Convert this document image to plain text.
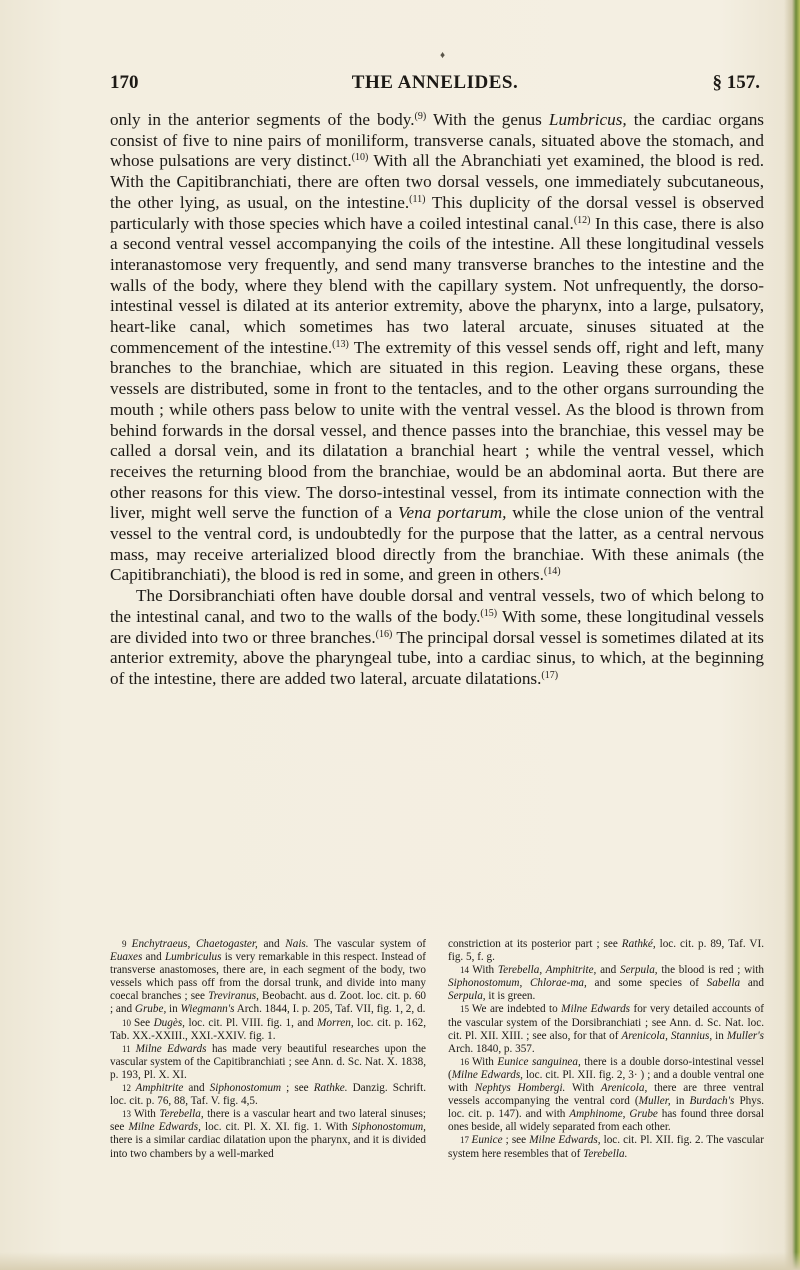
♦
170	THE ANNELIDES.	§ 157.

only in the anterior segments of the body.$^{(9)}$ With the genus Lumbricus, the cardiac organs consist of five to nine pairs of moniliform, transverse canals, situated above the stomach, and whose pulsations are very distinct.$^{(10)}$ With all the Abranchiati yet examined, the blood is red. With the Capitibranchiati, there are often two dorsal vessels, one immediately subcutaneous, the other lying, as usual, on the intestine.$^{(11)}$ This duplicity of the dorsal vessel is observed particularly with those species which have a coiled intestinal canal.$^{(12)}$ In this case, there is also a second ventral vessel accompanying the coils of the intestine. All these longitudinal vessels interanastomose very frequently, and send many transverse branches to the intestine and the walls of the body, where they blend with the capillary system. Not unfrequently, the dorso-intestinal vessel is dilated at its anterior extremity, above the pharynx, into a large, pulsatory, heart-like canal, which sometimes has two lateral arcuate, sinuses situated at the commencement of the intestine.$^{(13)}$ The extremity of this vessel sends off, right and left, many branches to the branchiae, which are situated in this region. Leaving these organs, these vessels are distributed, some in front to the tentacles, and to the other organs surrounding the mouth ; while others pass below to unite with the ventral vessel. As the blood is thrown from behind forwards in the dorsal vessel, and thence passes into the branchiae, this vessel may be called a dorsal vein, and its dilatation a branchial heart ; while the ventral vessel, which receives the returning blood from the branchiae, would be an abdominal aorta. But there are other reasons for this view. The dorso-intestinal vessel, from its intimate connection with the liver, might well serve the function of a Vena portarum, while the close union of the ventral vessel to the ventral cord, is undoubtedly for the purpose that the latter, as a central nervous mass, may receive arterialized blood directly from the branchiae. With these animals (the Capitibranchiati), the blood is red in some, and green in others.$^{(14)}$

The Dorsibranchiati often have double dorsal and ventral vessels, two of which belong to the intestinal canal, and two to the walls of the body.$^{(15)}$ With some, these longitudinal vessels are divided into two or three branches.$^{(16)}$ The principal dorsal vessel is sometimes dilated at its anterior extremity, above the pharyngeal tube, into a cardiac sinus, to which, at the beginning of the intestine, there are added two lateral, arcuate dilatations.$^{(17)}$

9 Enchytraeus, Chaetogaster, and Nais. The vascular system of Euaxes and Lumbriculus is very remarkable in this respect. Instead of transverse anastomoses, there are, in each segment of the body, two vessels which pass off from the dorsal trunk, and divide into many coecal branches ; see Treviranus, Beobacht. aus d. Zoot. loc. cit. p. 60 ; and Grube, in Wiegmann's Arch. 1844, I. p. 205, Taf. VII, fig. 1, 2, d.

10 See Dugès, loc. cit. Pl. VIII. fig. 1, and Morren, loc. cit. p. 162, Tab. XX.-XXIII., XXI.-XXIV. fig. 1.

11 Milne Edwards has made very beautiful researches upon the vascular system of the Capitibranchiati ; see Ann. d. Sc. Nat. X. 1838, p. 193, Pl. X. XI.

12 Amphitrite and Siphonostomum ; see Rathke. Danzig. Schrift. loc. cit. p. 76, 88, Taf. V. fig. 4,5.

13 With Terebella, there is a vascular heart and two lateral sinuses; see Milne Edwards, loc. cit. Pl. X. XI. fig. 1. With Siphonostomum, there is a similar cardiac dilatation upon the pharynx, and it is divided into two chambers by a well-marked

constriction at its posterior part ; see Rathké, loc. cit. p. 89, Taf. VI. fig. 5, f. g.

14 With Terebella, Amphitrite, and Serpula, the blood is red ; with Siphonostomum, Chlorae-ma, and some species of Sabella and Serpula, it is green.

15 We are indebted to Milne Edwards for very detailed accounts of the vascular system of the Dorsibranchiati ; see Ann. d. Sc. Nat. loc. cit. Pl. XII. XIII. ; see also, for that of Arenicola, Stannius, in Muller's Arch. 1840, p. 357.

16 With Eunice sanguinea, there is a double dorso-intestinal vessel (Milne Edwards, loc. cit. Pl. XII. fig. 2, 3· ) ; and a double ventral one with Nephtys Hombergi. With Arenicola, there are three ventral vessels accompanying the ventral cord (Muller, in Burdach's Phys. loc. cit. p. 147). and with Amphinome, Grube has found three dorsal ones beside, all widely separated from each other.

17 Eunice ; see Milne Edwards, loc. cit. Pl. XII. fig. 2. The vascular system here resembles that of Terebella.
